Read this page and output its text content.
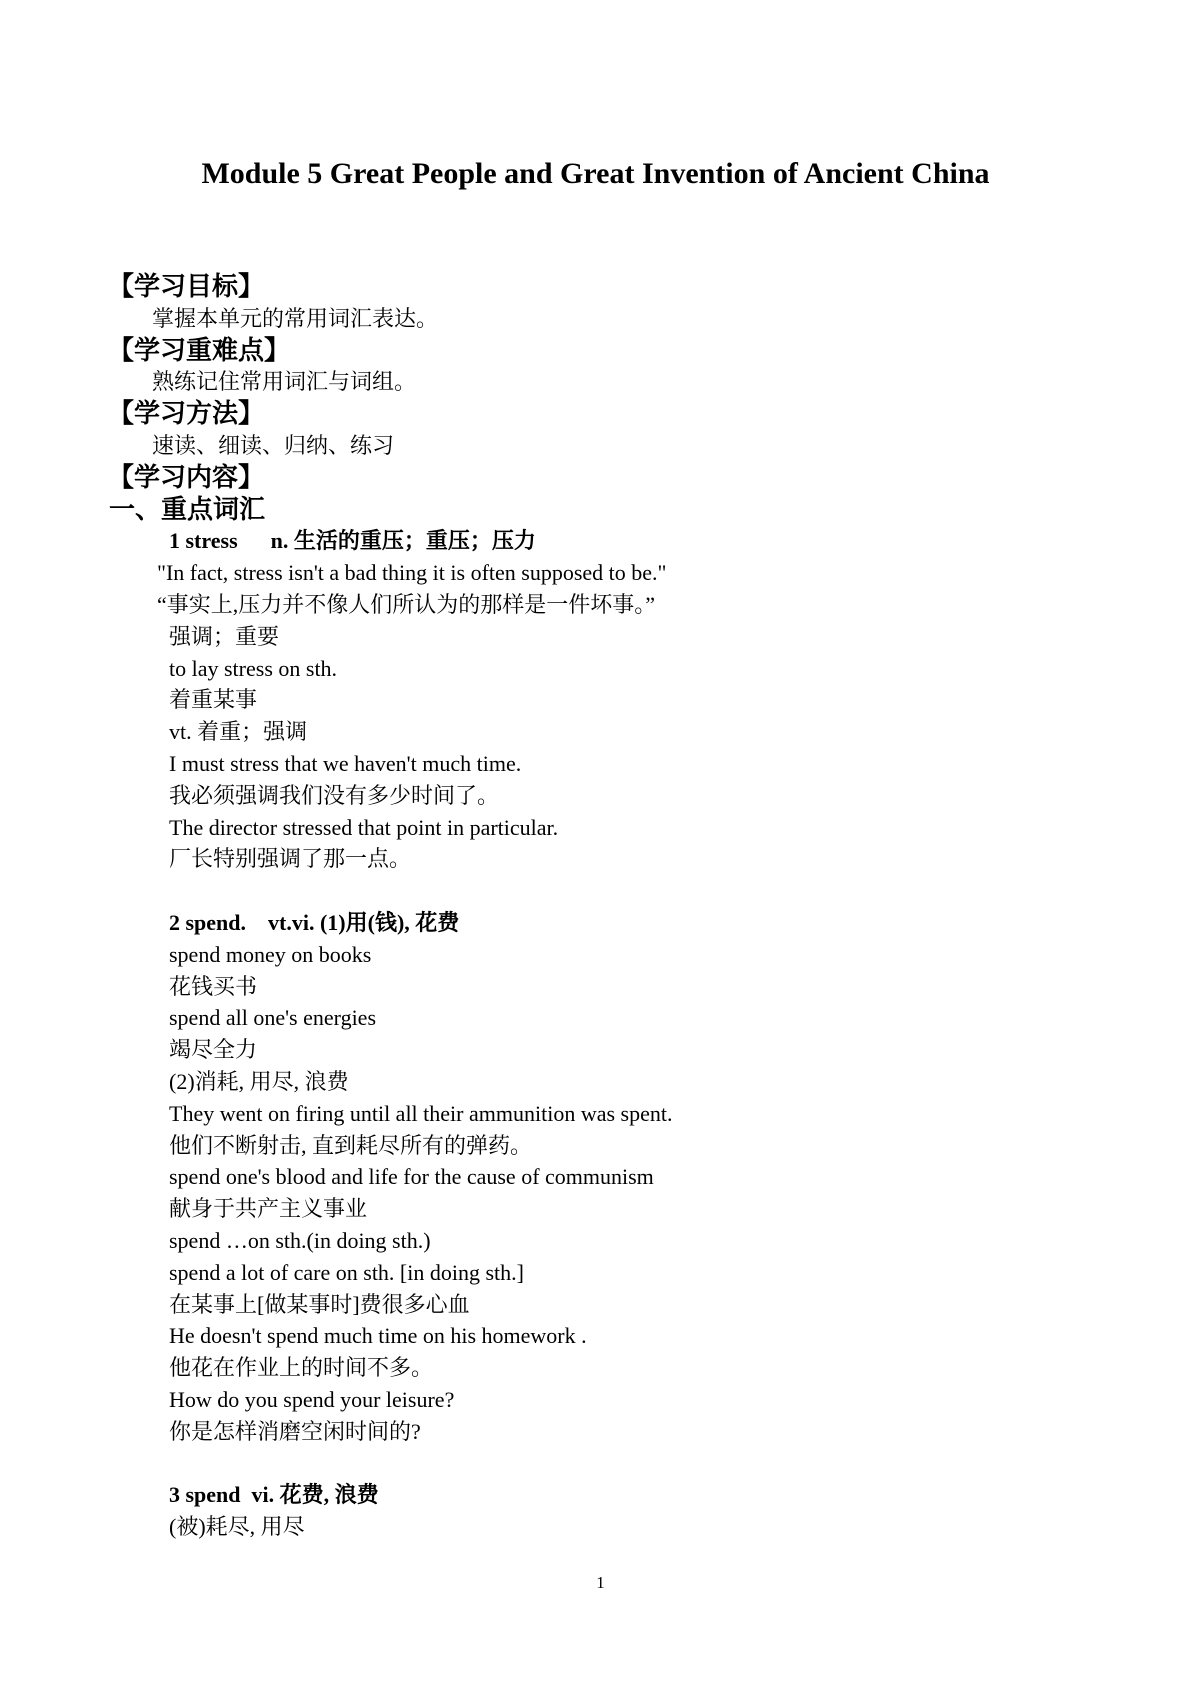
Module 5 Great People and Great Invention of Ancient China
【学习目标】
掌握本单元的常用词汇表达。
【学习重难点】
熟练记住常用词汇与词组。
【学习方法】
速读、细读、归纳、练习
【学习内容】
一、重点词汇
1 stress      n. 生活的重压；重压；压力
"In fact, stress isn't a bad thing it is often supposed to be."
“事实上,压力并不像人们所认为的那样是一件坏事。”
强调；重要
to lay stress on sth.
着重某事
vt. 着重；强调
I must stress that we haven't much time.
我必须强调我们没有多少时间了。
The director stressed that point in particular.
厂长特别强调了那一点。
2 spend.    vt.vi. (1)用(钱), 花费
spend money on books
花钱买书
spend all one's energies
竭尽全力
(2)消耗, 用尽, 浪费
They went on firing until all their ammunition was spent.
他们不断射击, 直到耗尽所有的弹药。
spend one's blood and life for the cause of communism
献身于共产主义事业
spend …on sth.(in doing sth.)
spend a lot of care on sth. [in doing sth.]
在某事上[做某事时]费很多心血
He doesn't spend much time on his homework .
他花在作业上的时间不多。
How do you spend your leisure?
你是怎样消磨空闲时间的?
3 spend  vi. 花费, 浪费
(被)耗尽, 用尽
1
